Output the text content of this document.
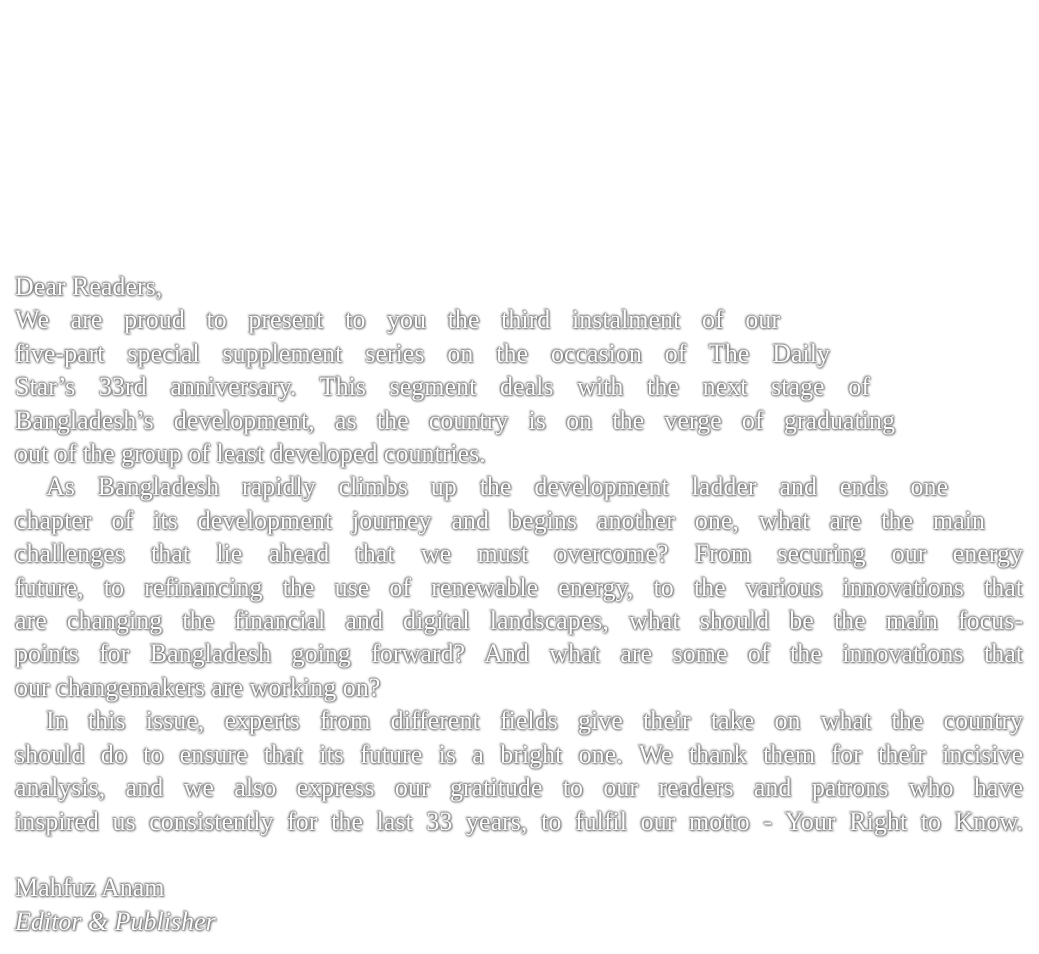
Dear Readers,
We are proud to present to you the third instalment of our
five-part special supplement series on the occasion of The Daily
Star’s 33rd anniversary. This segment deals with the next stage of
Bangladesh’s development, as the country is on the verge of graduating
out of the group of least developed countries.
As Bangladesh rapidly climbs up the development ladder and ends one
chapter of its development journey and begins another one, what are the main
challenges that lie ahead that we must overcome? From securing our energy
future, to refinancing the use of renewable energy, to the various innovations that
are changing the financial and digital landscapes, what should be the main focus-
points for Bangladesh going forward? And what are some of the innovations that
our changemakers are working on?
In this issue, experts from different fields give their take on what the country
should do to ensure that its future is a bright one. We thank them for their incisive
analysis, and we also express our gratitude to our readers and patrons who have
inspired us consistently for the last 33 years, to fulfil our motto - Your Right to Know.
Mahfuz Anam
Editor & Publisher
